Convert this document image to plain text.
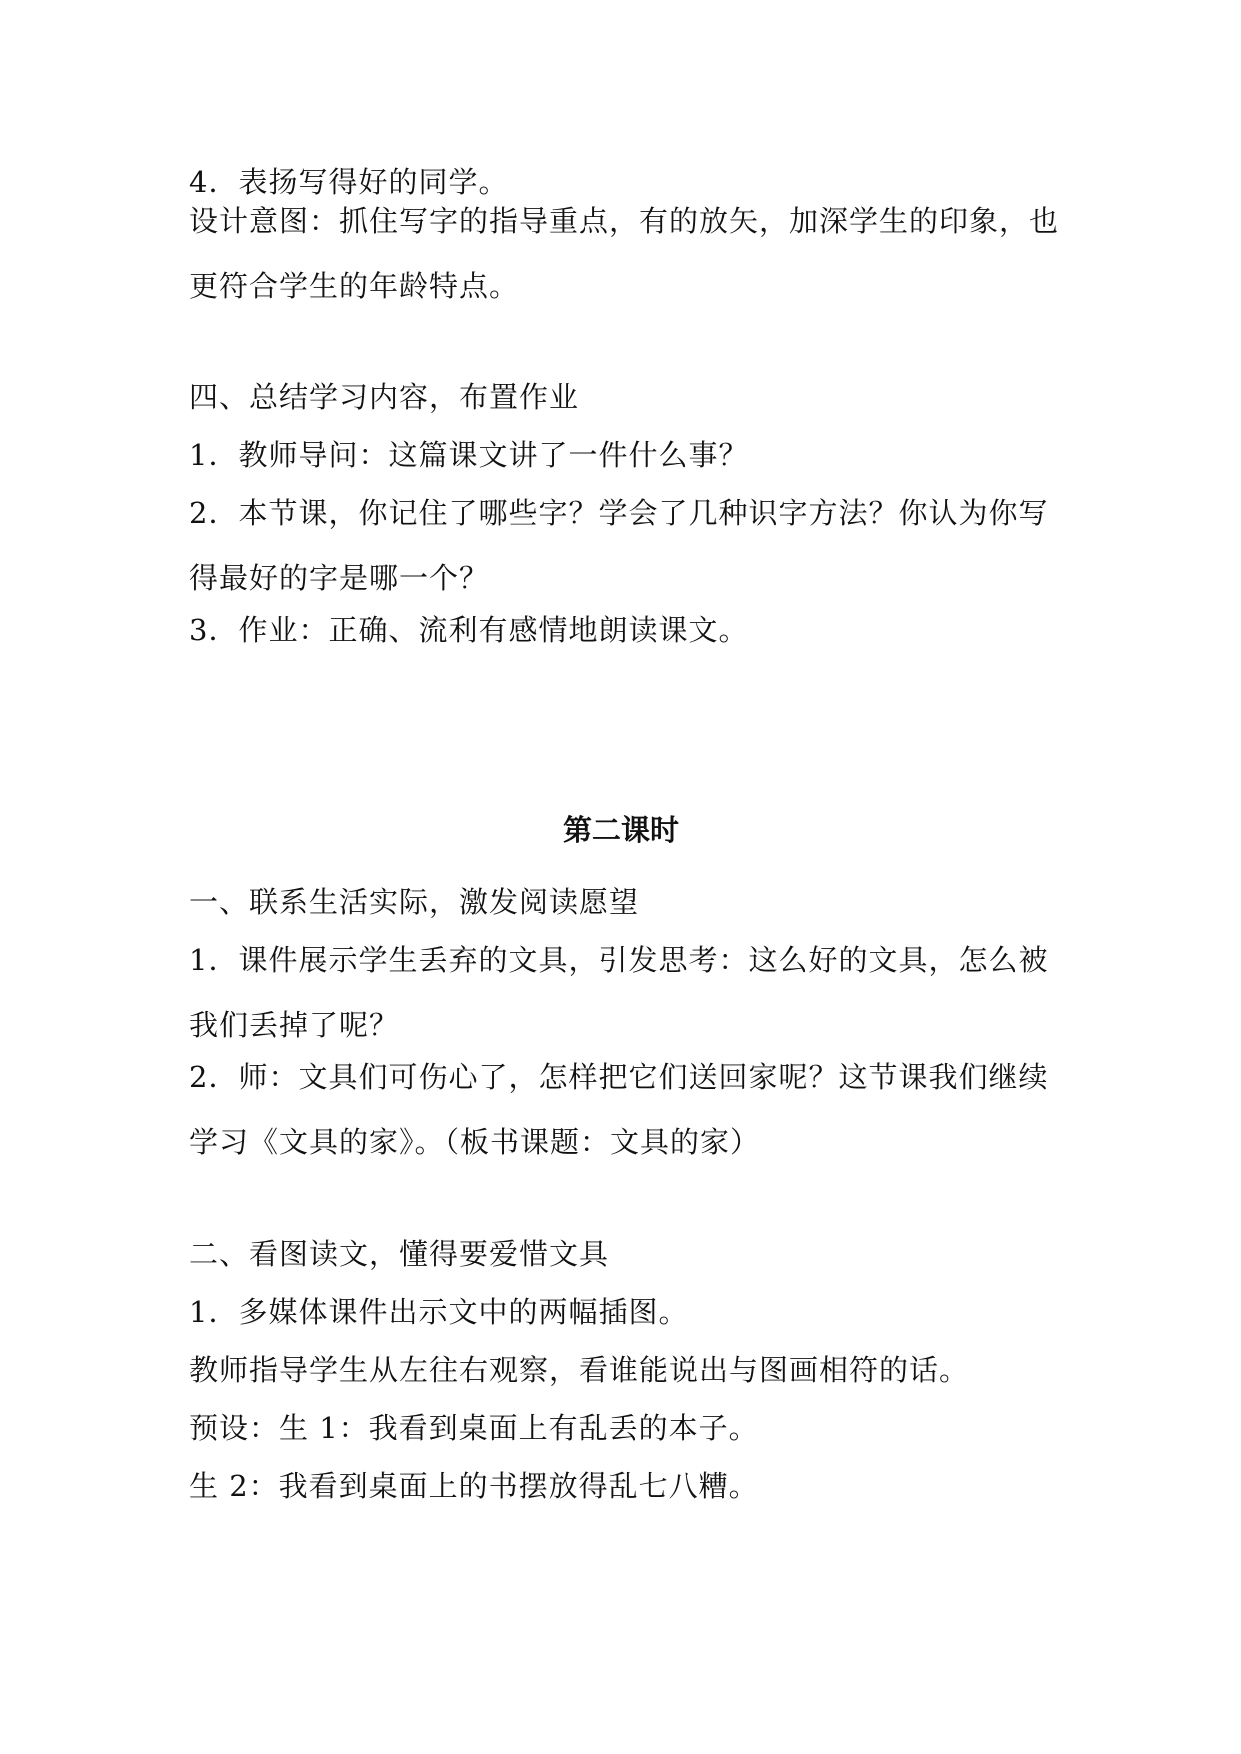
4．表扬写得好的同学。

设计意图：抓住写字的指导重点，有的放矢，加深学生的印象，也更符合学生的年龄特点。

四、总结学习内容，布置作业

1．教师导问：这篇课文讲了一件什么事？

2．本节课，你记住了哪些字？学会了几种识字方法？你认为你写得最好的字是哪一个？

3．作业：正确、流利有感情地朗读课文。

第二课时

一、联系生活实际，激发阅读愿望

1．课件展示学生丢弃的文具，引发思考：这么好的文具，怎么被我们丢掉了呢？

2．师：文具们可伤心了，怎样把它们送回家呢？这节课我们继续学习《文具的家》。（板书课题：文具的家）

二、看图读文，懂得要爱惜文具

1．多媒体课件出示文中的两幅插图。

教师指导学生从左往右观察，看谁能说出与图画相符的话。

预设：生 1：我看到桌面上有乱丢的本子。

生 2：我看到桌面上的书摆放得乱七八糟。
